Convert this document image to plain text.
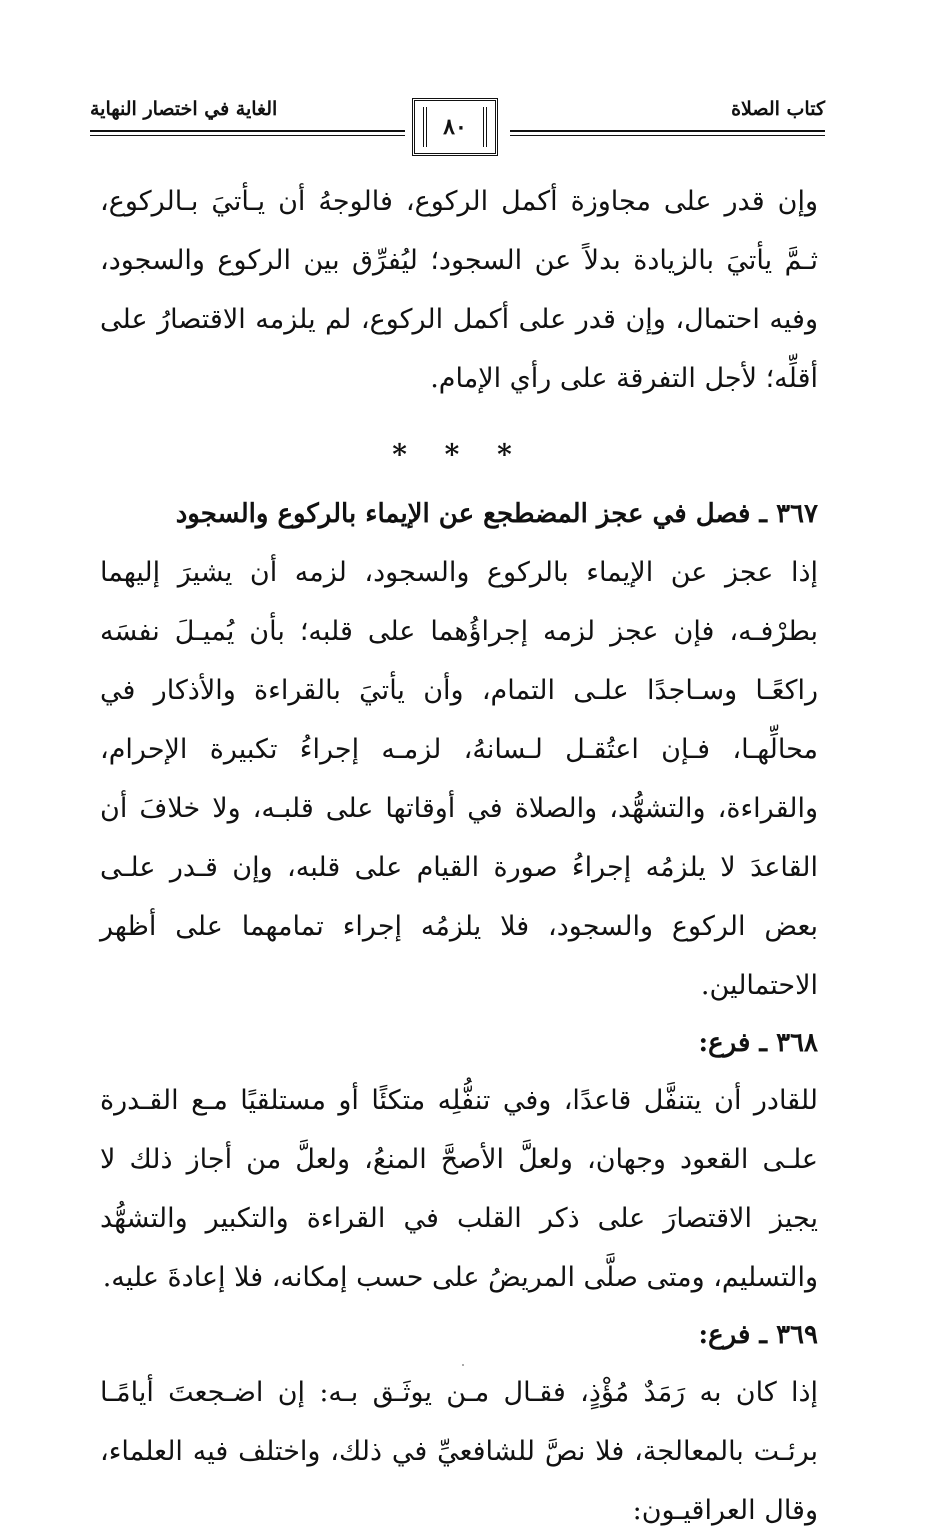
كتاب الصلاة
الغاية في اختصار النهاية
٨٠

وإن قدر على مجاوزة أكمل الركوع، فالوجهُ أن يـأتيَ بـالركوع، ثـمَّ يأتيَ بالزيادة بدلاً عن السجود؛ ليُفرِّق بين الركوع والسجود، وفيه احتمال، وإن قدر على أكمل الركوع، لم يلزمه الاقتصارُ على أقلِّه؛ لأجل التفرقة على رأي الإمام.

* * *
٣٦٧ ـ فصل في عجز المضطجع عن الإيماء بالركوع والسجود

إذا عجز عن الإيماء بالركوع والسجود، لزمه أن يشيرَ إليهما بطرْفـه، فإن عجز لزمه إجراؤُهما على قلبه؛ بأن يُميـلَ نفسَه راكعًـا وسـاجدًا علـى التمام، وأن يأتيَ بالقراءة والأذكار في محالِّهـا، فـإن اعتُقـل لـسانهُ، لزمـه إجراءُ تكبيرة الإحرام، والقراءة، والتشهُّد، والصلاة في أوقاتها على قلبـه، ولا خلافَ أن القاعدَ لا يلزمُه إجراءُ صورة القيام على قلبه، وإن قـدر علـى بعض الركوع والسجود، فلا يلزمُه إجراء تمامهما على أظهر الاحتمالين.

٣٦٨ ـ فرع:

للقادر أن يتنفَّل قاعدًا، وفي تنفُّلِه متكئًا أو مستلقيًا مـع القـدرة علـى القعود وجهان، ولعلَّ الأصحَّ المنعُ، ولعلَّ من أجاز ذلك لا يجيز الاقتصارَ على ذكر القلب في القراءة والتكبير والتشهُّد والتسليم، ومتى صلَّى المريضُ على حسب إمكانه، فلا إعادةَ عليه.

٣٦٩ ـ فرع:

إذا كان به رَمَدٌ مُؤْذٍ، فقـال مـن يوثَـق بـه: إن اضـجعتَ أيامًـا برئـت بالمعالجة، فلا نصَّ للشافعيِّ في ذلك، واختلف فيه العلماء، وقال العراقيـون:
